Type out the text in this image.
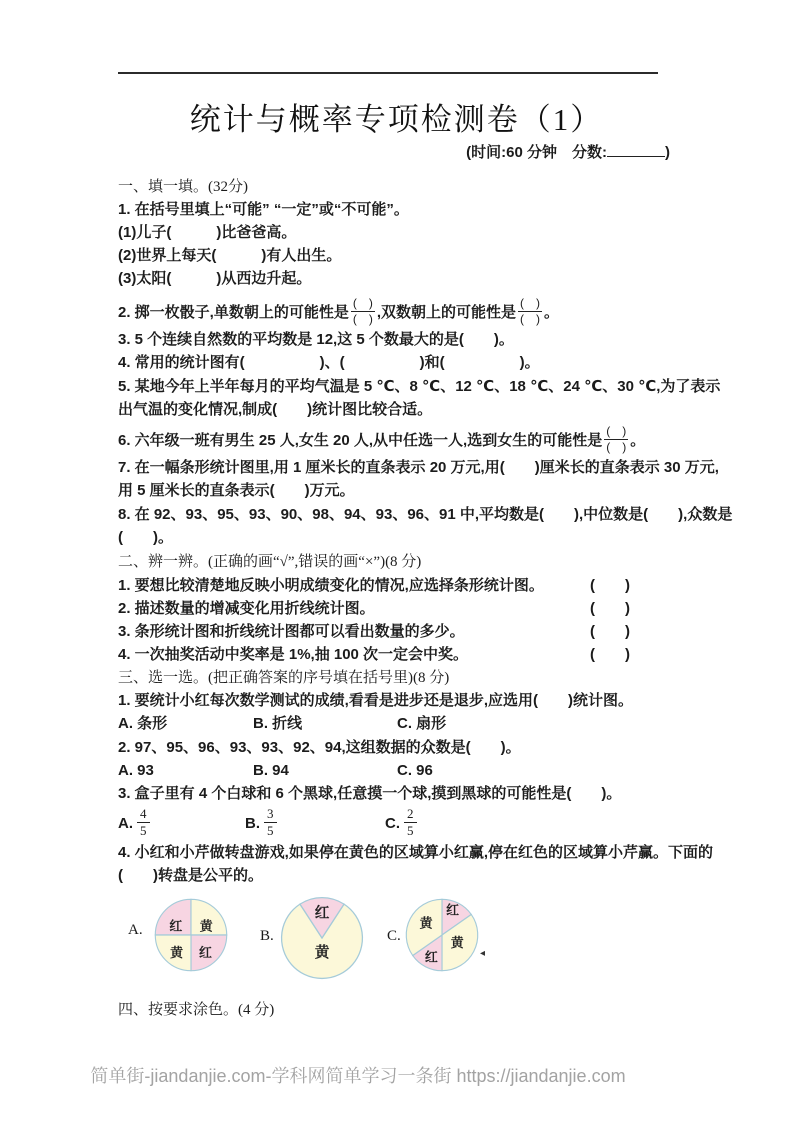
统计与概率专项检测卷（1）
(时间:60 分钟　分数:	)
一、填一填。(32分)
1. 在括号里填上“可能” “一定”或“不可能”。
(1)儿子(　　　)比爸爸高。
(2)世界上每天(　　　)有人出生。
(3)太阳(　　　)从西边升起。
2. 掷一枚骰子,单数朝上的可能性是 $\frac{( )}{( )}$ ,双数朝上的可能性是 $\frac{( )}{( )}$ 。
3. 5 个连续自然数的平均数是 12,这 5 个数最大的是(　　)。
4. 常用的统计图有(　　　　　)、(　　　　　)和(　　　　　)。
5. 某地今年上半年每月的平均气温是 5 ℃、8 ℃、12 ℃、18 ℃、24 ℃、30 ℃,为了表示
出气温的变化情况,制成(　　)统计图比较合适。
6. 六年级一班有男生 25 人,女生 20 人,从中任选一人,选到女生的可能性是 $\frac{( )}{( )}$ 。
7. 在一幅条形统计图里,用 1 厘米长的直条表示 20 万元,用(　　)厘米长的直条表示 30 万元,
用 5 厘米长的直条表示(　　)万元。
8. 在 92、93、95、93、90、98、94、93、96、91 中,平均数是(　　),中位数是(　　),众数是
(　　)。
二、辨一辨。(正确的画“√”,错误的画“×”)(8 分)
1. 要想比较清楚地反映小明成绩变化的情况,应选择条形统计图。	(　　)
2. 描述数量的增减变化用折线统计图。	(　　)
3. 条形统计图和折线统计图都可以看出数量的多少。	(　　)
4. 一次抽奖活动中奖率是 1%,抽 100 次一定会中奖。	(　　)
三、选一选。(把正确答案的序号填在括号里)(8 分)
1. 要统计小红每次数学测试的成绩,看看是进步还是退步,应选用(　　)统计图。
A. 条形	B. 折线	C. 扇形
2. 97、95、96、93、93、92、94,这组数据的众数是(　　)。
A. 93	B. 94	C. 96
3. 盒子里有 4 个白球和 6 个黑球,任意摸一个球,摸到黑球的可能性是(　　)。
A. $\frac{4}{5}$	B. $\frac{3}{5}$	C. $\frac{2}{5}$
4. 小红和小芹做转盘游戏,如果停在黄色的区域算小红赢,停在红色的区域算小芹赢。下面的
(　　)转盘是公平的。
A. 红 黄
黄 红
B.
红
黄
C.
红
黄
红
黄
◂
四、按要求涂色。(4 分)
简单街-jiandanjie.com-学科网简单学习一条街 https://jiandanjie.com
